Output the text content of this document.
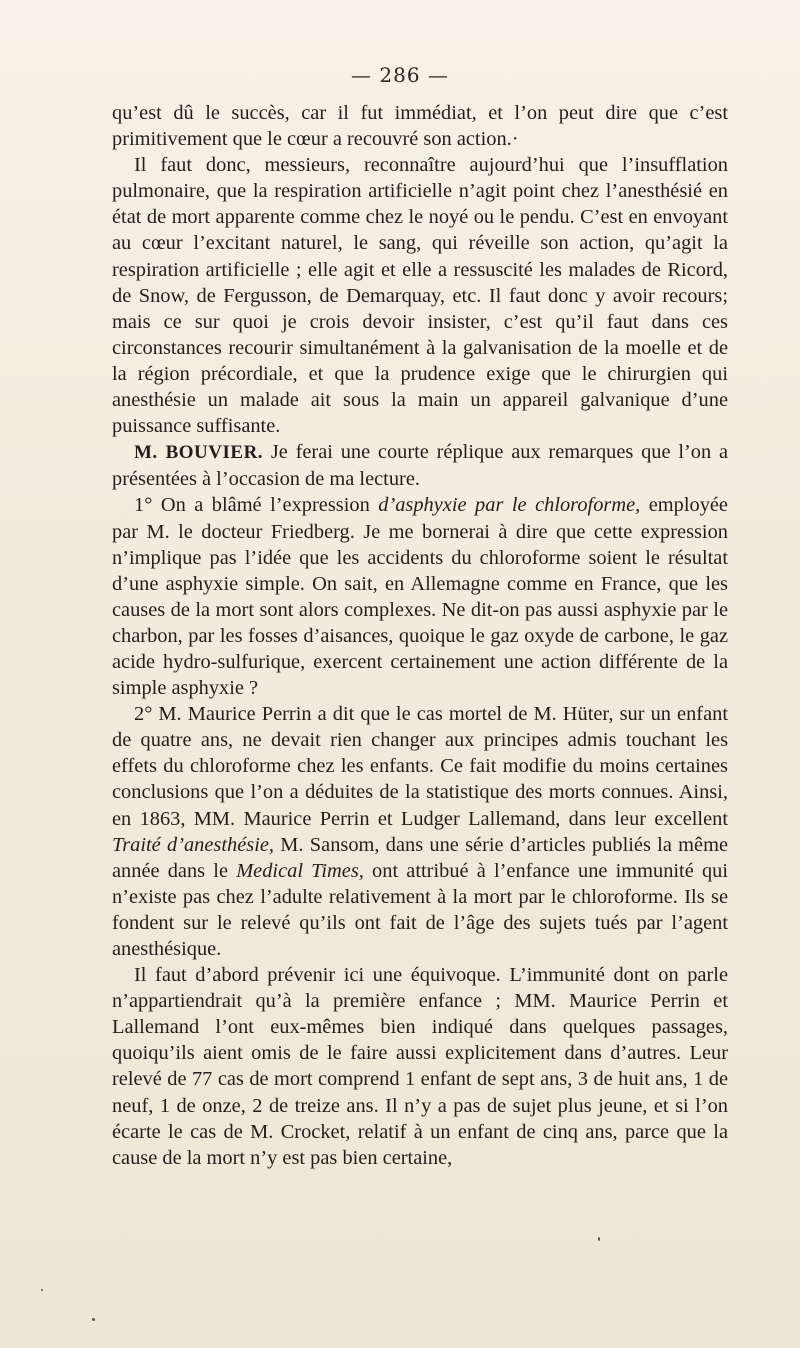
— 286 —

qu’est dû le succès, car il fut immédiat, et l’on peut dire que c’est primitivement que le cœur a recouvré son action.·

Il faut donc, messieurs, reconnaître aujourd’hui que l’insufflation pulmonaire, que la respiration artificielle n’agit point chez l’anesthésié en état de mort apparente comme chez le noyé ou le pendu. C’est en envoyant au cœur l’excitant naturel, le sang, qui réveille son action, qu’agit la respiration artificielle ; elle agit et elle a ressuscité les malades de Ricord, de Snow, de Fergusson, de Demarquay, etc. Il faut donc y avoir recours; mais ce sur quoi je crois devoir insister, c’est qu’il faut dans ces circonstances recourir simultanément à la galvanisation de la moelle et de la région précordiale, et que la prudence exige que le chirurgien qui anesthésie un malade ait sous la main un appareil galvanique d’une puissance suffisante.

M. BOUVIER. Je ferai une courte réplique aux remarques que l’on a présentées à l’occasion de ma lecture.

1° On a blâmé l’expression d’asphyxie par le chloroforme, employée par M. le docteur Friedberg. Je me bornerai à dire que cette expression n’implique pas l’idée que les accidents du chloroforme soient le résultat d’une asphyxie simple. On sait, en Allemagne comme en France, que les causes de la mort sont alors complexes. Ne dit-on pas aussi asphyxie par le charbon, par les fosses d’aisances, quoique le gaz oxyde de carbone, le gaz acide hydro-sulfurique, exercent certainement une action différente de la simple asphyxie ?

2° M. Maurice Perrin a dit que le cas mortel de M. Hüter, sur un enfant de quatre ans, ne devait rien changer aux principes admis touchant les effets du chloroforme chez les enfants. Ce fait modifie du moins certaines conclusions que l’on a déduites de la statistique des morts connues. Ainsi, en 1863, MM. Maurice Perrin et Ludger Lallemand, dans leur excellent Traité d’anesthésie, M. Sansom, dans une série d’articles publiés la même année dans le Medical Times, ont attribué à l’enfance une immunité qui n’existe pas chez l’adulte relativement à la mort par le chloroforme. Ils se fondent sur le relevé qu’ils ont fait de l’âge des sujets tués par l’agent anesthésique.

Il faut d’abord prévenir ici une équivoque. L’immunité dont on parle n’appartiendrait qu’à la première enfance ; MM. Maurice Perrin et Lallemand l’ont eux-mêmes bien indiqué dans quelques passages, quoiqu’ils aient omis de le faire aussi explicitement dans d’autres. Leur relevé de 77 cas de mort comprend 1 enfant de sept ans, 3 de huit ans, 1 de neuf, 1 de onze, 2 de treize ans. Il n’y a pas de sujet plus jeune, et si l’on écarte le cas de M. Crocket, relatif à un enfant de cinq ans, parce que la cause de la mort n’y est pas bien certaine,
